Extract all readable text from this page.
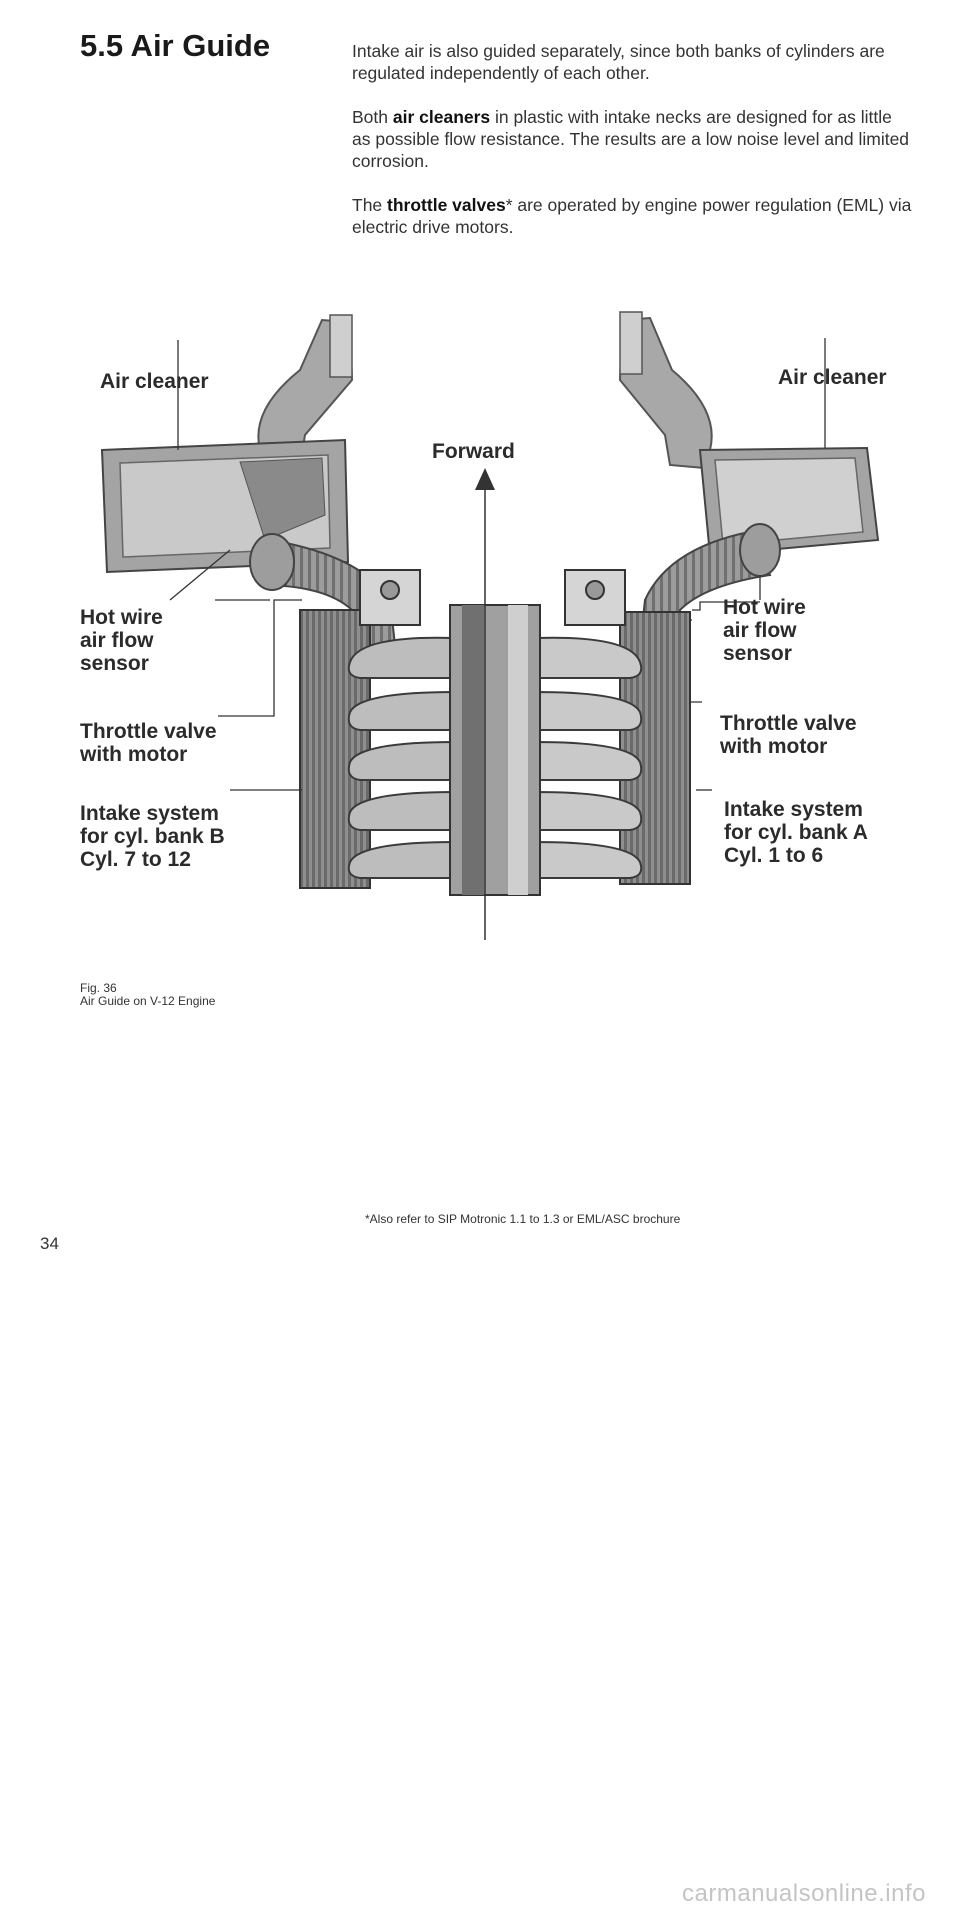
5.5 Air Guide	Intake air is also guided separately, since both banks of cylinders are regulated independently of each other.

Both air cleaners in plastic with intake necks are designed for as little as possible flow resistance. The results are a low noise level and limited corrosion.

The throttle valves* are operated by engine power regulation (EML) via electric drive motors.

Air cleaner	Air cleaner
Forward
Hot wire
air flow
sensor
Hot wire
air flow
sensor
Throttle valve
with motor
Throttle valve
with motor
Intake system
for cyl. bank B
Cyl. 7 to 12
Intake system
for cyl. bank A
Cyl. 1 to 6
Fig. 36
Air Guide on V-12 Engine
*Also refer to SIP Motronic 1.1 to 1.3 or EML/ASC brochure
34
carmanualsonline.info
